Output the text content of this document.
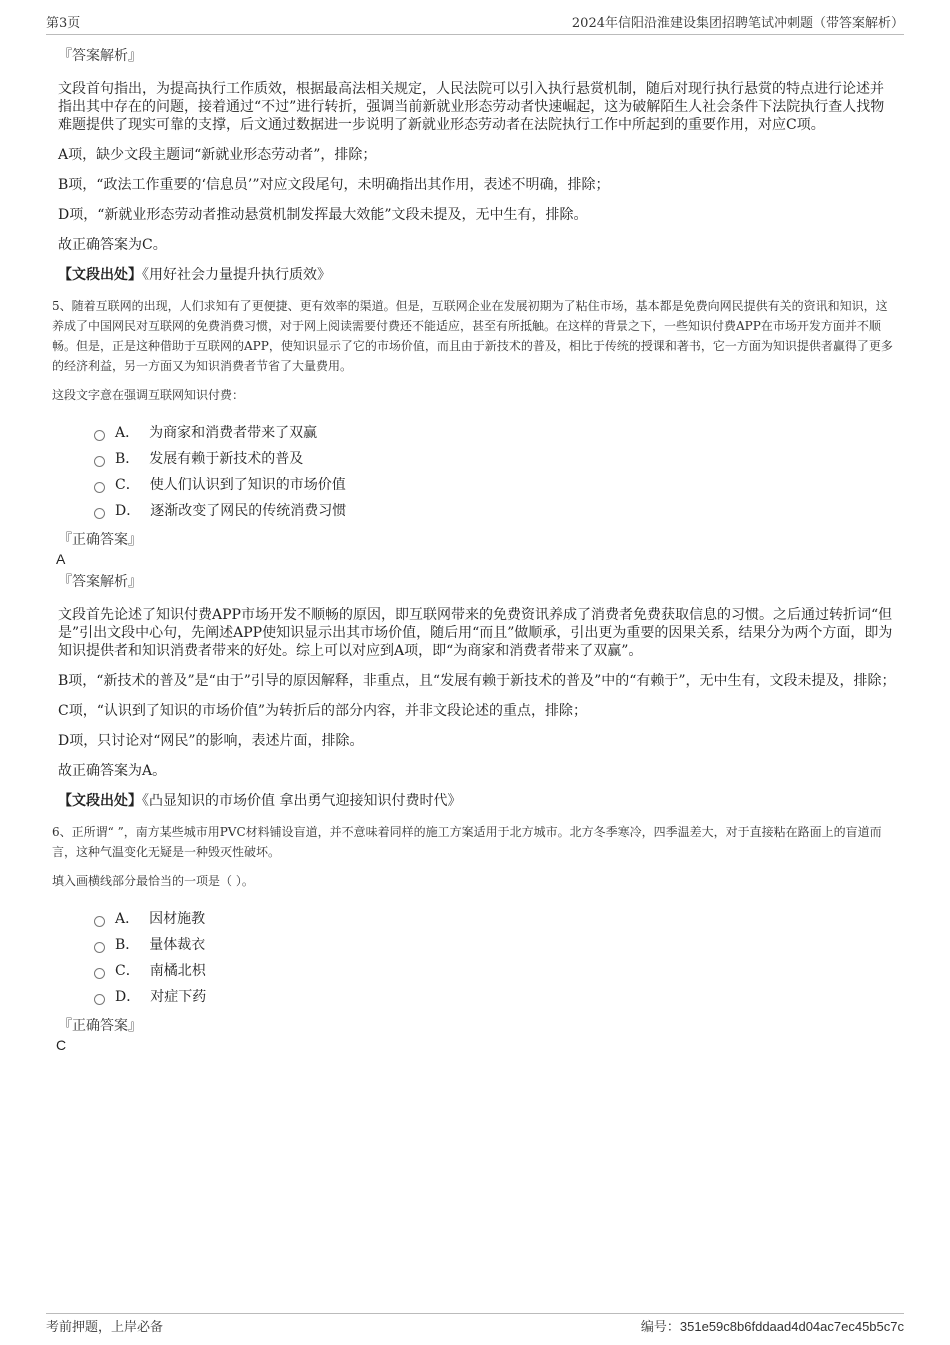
第3页	2024年信阳沿淮建设集团招聘笔试冲刺题（带答案解析）
『答案解析』

文段首句指出，为提高执行工作质效，根据最高法相关规定，人民法院可以引入执行悬赏机制，随后对现行执行悬赏的特点进行论述并指出其中存在的问题，接着通过“不过”进行转折，强调当前新就业形态劳动者快速崛起，这为破解陌生人社会条件下法院执行查人找物难题提供了现实可靠的支撑，后文通过数据进一步说明了新就业形态劳动者在法院执行工作中所起到的重要作用，对应C项。

A项，缺少文段主题词“新就业形态劳动者”，排除；

B项，“政法工作重要的‘信息员’”对应文段尾句，未明确指出其作用，表述不明确，排除；

D项，“新就业形态劳动者推动悬赏机制发挥最大效能”文段未提及，无中生有，排除。

故正确答案为C。

【文段出处】《用好社会力量提升执行质效》

5、随着互联网的出现，人们求知有了更便捷、更有效率的渠道。但是，互联网企业在发展初期为了粘住市场，基本都是免费向网民提供有关的资讯和知识，这养成了中国网民对互联网的免费消费习惯，对于网上阅读需要付费还不能适应，甚至有所抵触。在这样的背景之下，一些知识付费APP在市场开发方面并不顺畅。但是，正是这种借助于互联网的APP，使知识显示了它的市场价值，而且由于新技术的普及，相比于传统的授课和著书，它一方面为知识提供者赢得了更多的经济利益，另一方面又为知识消费者节省了大量费用。
这段文字意在强调互联网知识付费：
A． 为商家和消费者带来了双赢
B． 发展有赖于新技术的普及
C． 使人们认识到了知识的市场价值
D． 逐渐改变了网民的传统消费习惯
『正确答案』
A
『答案解析』

文段首先论述了知识付费APP市场开发不顺畅的原因，即互联网带来的免费资讯养成了消费者免费获取信息的习惯。之后通过转折词“但是”引出文段中心句，先阐述APP使知识显示出其市场价值，随后用“而且”做顺承，引出更为重要的因果关系，结果分为两个方面，即为知识提供者和知识消费者带来的好处。综上可以对应到A项，即“为商家和消费者带来了双赢”。

B项，“新技术的普及”是“由于”引导的原因解释，非重点，且“发展有赖于新技术的普及”中的“有赖于”，无中生有，文段未提及，排除；

C项，“认识到了知识的市场价值”为转折后的部分内容，并非文段论述的重点，排除；

D项，只讨论对“网民”的影响，表述片面，排除。

故正确答案为A。

【文段出处】《凸显知识的市场价值 拿出勇气迎接知识付费时代》

6、正所谓“ ”，南方某些城市用PVC材料铺设盲道，并不意味着同样的施工方案适用于北方城市。北方冬季寒冷，四季温差大，对于直接粘在路面上的盲道而言，这种气温变化无疑是一种毁灭性破坏。
填入画横线部分最恰当的一项是（ ）。
A． 因材施教
B． 量体裁衣
C． 南橘北枳
D． 对症下药
『正确答案』
C
考前押题，上岸必备	编号：351e59c8b6fddaad4d04ac7ec45b5c7c
